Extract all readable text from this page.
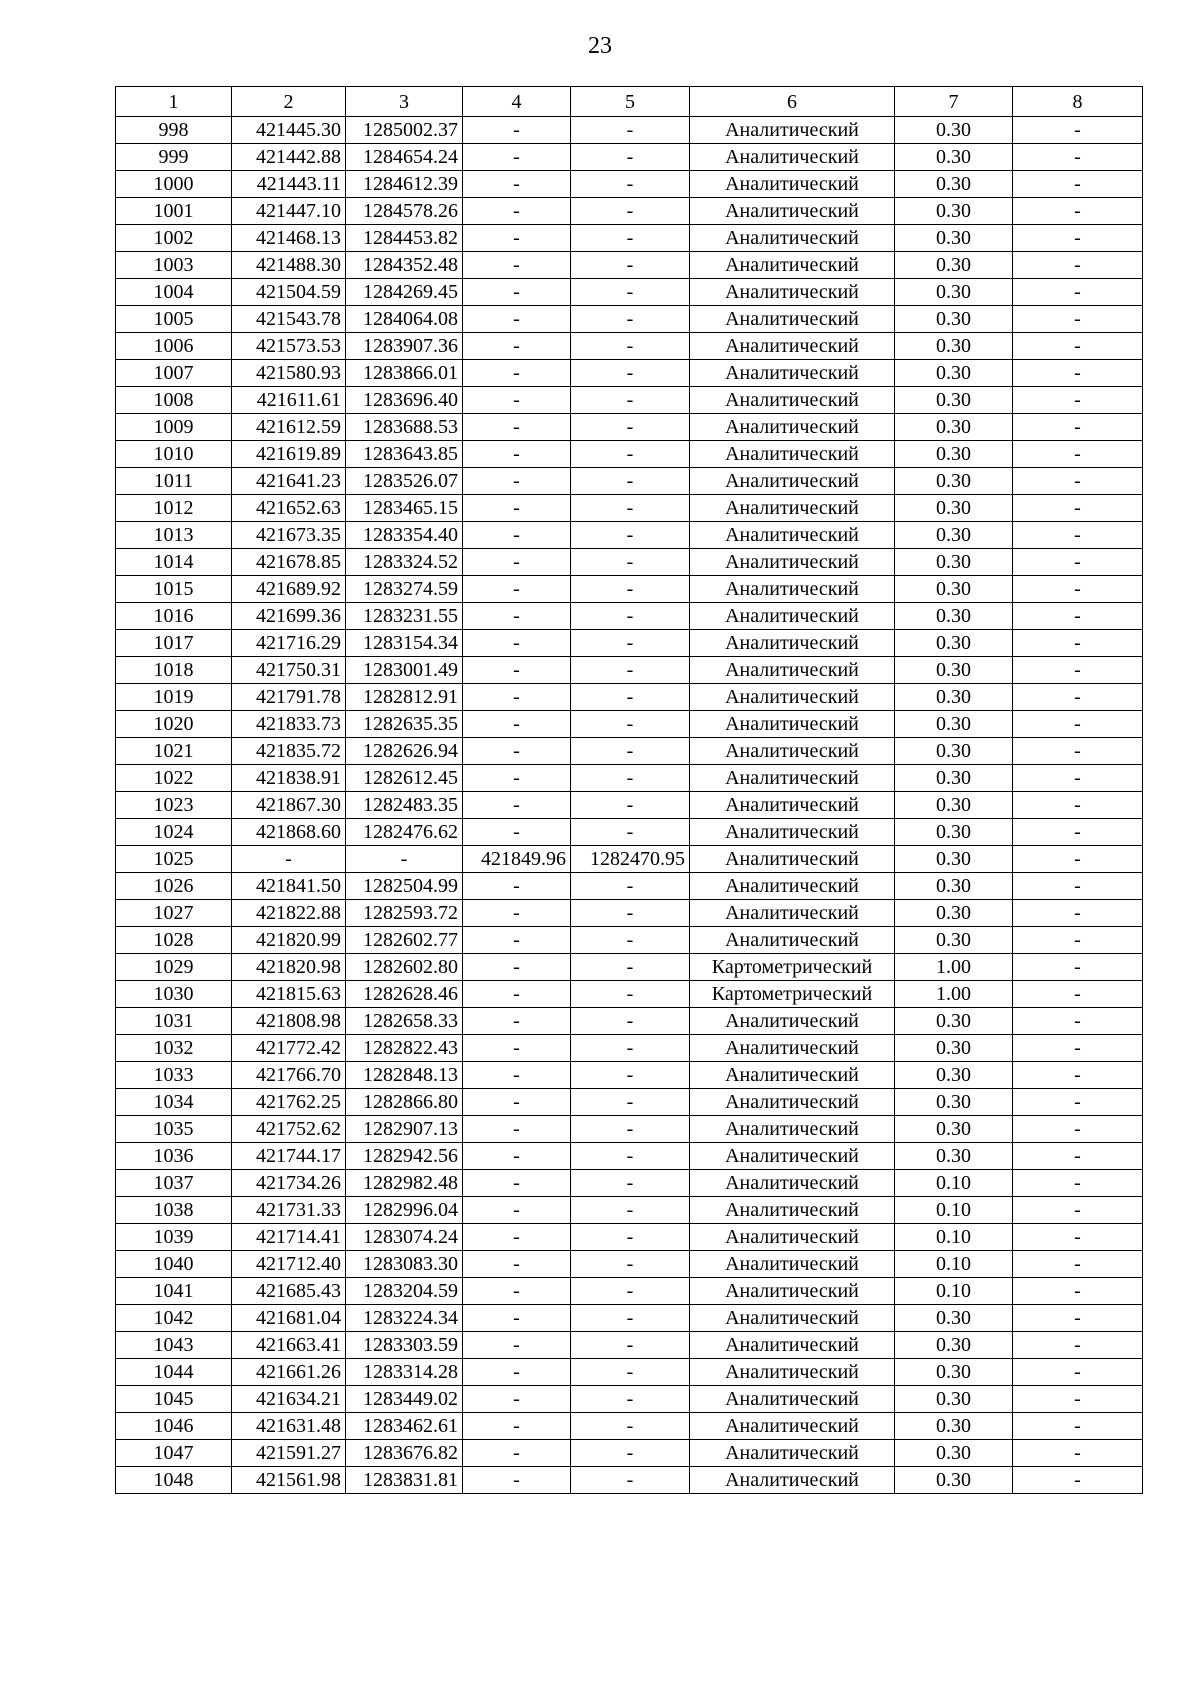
23
1	2	3	4	5	6	7	8
998	421445.30	1285002.37	-	-	Аналитический	0.30	-
999	421442.88	1284654.24	-	-	Аналитический	0.30	-
1000	421443.11	1284612.39	-	-	Аналитический	0.30	-
1001	421447.10	1284578.26	-	-	Аналитический	0.30	-
1002	421468.13	1284453.82	-	-	Аналитический	0.30	-
1003	421488.30	1284352.48	-	-	Аналитический	0.30	-
1004	421504.59	1284269.45	-	-	Аналитический	0.30	-
1005	421543.78	1284064.08	-	-	Аналитический	0.30	-
1006	421573.53	1283907.36	-	-	Аналитический	0.30	-
1007	421580.93	1283866.01	-	-	Аналитический	0.30	-
1008	421611.61	1283696.40	-	-	Аналитический	0.30	-
1009	421612.59	1283688.53	-	-	Аналитический	0.30	-
1010	421619.89	1283643.85	-	-	Аналитический	0.30	-
1011	421641.23	1283526.07	-	-	Аналитический	0.30	-
1012	421652.63	1283465.15	-	-	Аналитический	0.30	-
1013	421673.35	1283354.40	-	-	Аналитический	0.30	-
1014	421678.85	1283324.52	-	-	Аналитический	0.30	-
1015	421689.92	1283274.59	-	-	Аналитический	0.30	-
1016	421699.36	1283231.55	-	-	Аналитический	0.30	-
1017	421716.29	1283154.34	-	-	Аналитический	0.30	-
1018	421750.31	1283001.49	-	-	Аналитический	0.30	-
1019	421791.78	1282812.91	-	-	Аналитический	0.30	-
1020	421833.73	1282635.35	-	-	Аналитический	0.30	-
1021	421835.72	1282626.94	-	-	Аналитический	0.30	-
1022	421838.91	1282612.45	-	-	Аналитический	0.30	-
1023	421867.30	1282483.35	-	-	Аналитический	0.30	-
1024	421868.60	1282476.62	-	-	Аналитический	0.30	-
1025	-	-	421849.96	1282470.95	Аналитический	0.30	-
1026	421841.50	1282504.99	-	-	Аналитический	0.30	-
1027	421822.88	1282593.72	-	-	Аналитический	0.30	-
1028	421820.99	1282602.77	-	-	Аналитический	0.30	-
1029	421820.98	1282602.80	-	-	Картометрический	1.00	-
1030	421815.63	1282628.46	-	-	Картометрический	1.00	-
1031	421808.98	1282658.33	-	-	Аналитический	0.30	-
1032	421772.42	1282822.43	-	-	Аналитический	0.30	-
1033	421766.70	1282848.13	-	-	Аналитический	0.30	-
1034	421762.25	1282866.80	-	-	Аналитический	0.30	-
1035	421752.62	1282907.13	-	-	Аналитический	0.30	-
1036	421744.17	1282942.56	-	-	Аналитический	0.30	-
1037	421734.26	1282982.48	-	-	Аналитический	0.10	-
1038	421731.33	1282996.04	-	-	Аналитический	0.10	-
1039	421714.41	1283074.24	-	-	Аналитический	0.10	-
1040	421712.40	1283083.30	-	-	Аналитический	0.10	-
1041	421685.43	1283204.59	-	-	Аналитический	0.10	-
1042	421681.04	1283224.34	-	-	Аналитический	0.30	-
1043	421663.41	1283303.59	-	-	Аналитический	0.30	-
1044	421661.26	1283314.28	-	-	Аналитический	0.30	-
1045	421634.21	1283449.02	-	-	Аналитический	0.30	-
1046	421631.48	1283462.61	-	-	Аналитический	0.30	-
1047	421591.27	1283676.82	-	-	Аналитический	0.30	-
1048	421561.98	1283831.81	-	-	Аналитический	0.30	-
